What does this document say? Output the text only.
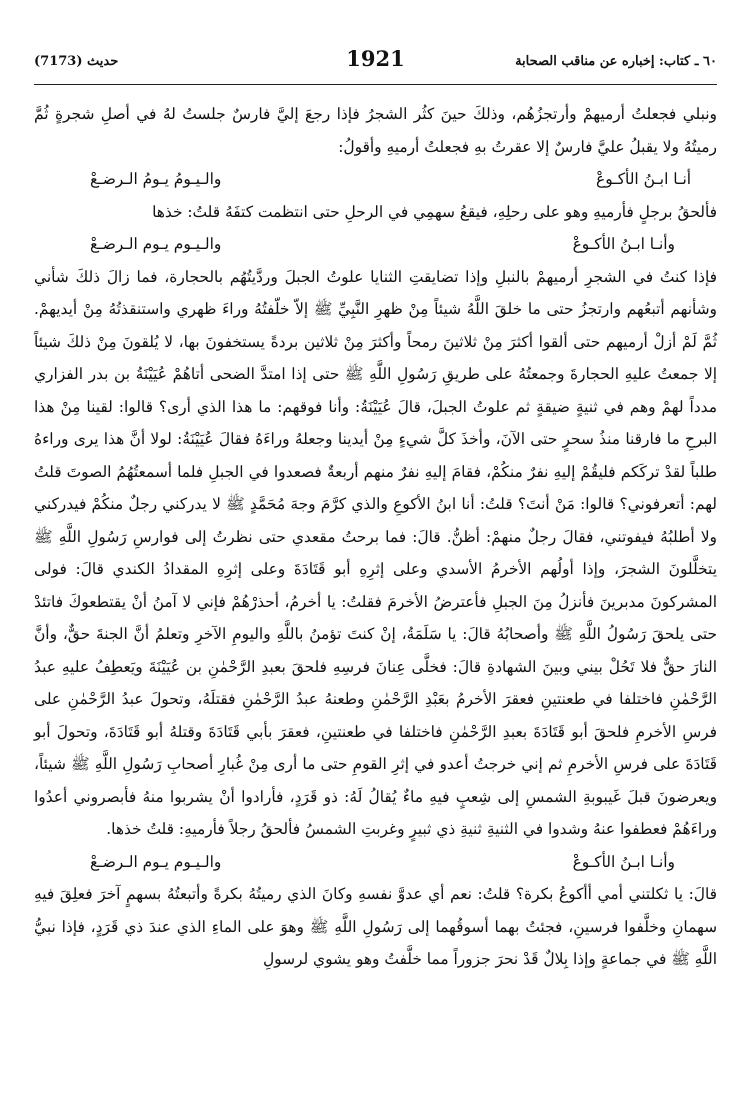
٦٠ ـ كتاب: إخباره عن مناقب الصحابة
1921
حديث (7173)

ونبلي فجعلتُ أرميهمْ وأرتجزُهُم، وذلكَ حينَ كثُر الشجرُ فإذا رجعَ إليَّ فارسٌ جلستُ لهُ في أصلِ شجرةٍ ثُمَّ رميتُهُ ولا يقبلُ عليَّ فارسٌ إلا عقرتُ بهِ فجعلتُ أرميهِ وأقولُ:

أنـا ابـنُ الأكـوعْ
والـيـومُ يـومُ الـرضـعْ

فألحقُ برجلٍ فأرميهِ وهو على رحلِهِ، فيقعُ سهمِي في الرحلِ حتى انتظمت كتفَهُ قلتُ: خذها

وأنـا ابـنُ الأكـوعْ
والـيـوم يـوم الـرضـعْ

فإذا كنتُ في الشجرِ أرميهمْ بالنبلِ وإذا تضايقتِ الثنايا علوتُ الجبلَ وردَّيتُهُم بالحجارة، فما زالَ ذلكَ شأني وشأنهم أتبعُهم وارتجزُ حتى ما خلقَ اللَّهُ شيئاً مِنْ ظهرِ النَّبِيِّ ﷺ إلاّ خلّفتُهُ وراءَ ظهري واستنقذتُهُ مِنْ أيديهمْ. ثُمَّ لَمْ أزلْ أرميهم حتى ألقوا أكثرَ مِنْ ثلاثينَ رمحاً وأكثرَ مِنْ ثلاثين بردةً يستخفونَ بها، لا يُلقونَ مِنْ ذلكَ شيئاً إلا جمعتُ عليهِ الحجارةَ وجمعتُهُ على طريقِ رَسُولِ اللَّهِ ﷺ حتى إذا امتدَّ الضحى أتاهُمْ عُيَيْنَةُ بن بدر الفزاري مدداً لهمْ وهم في ثنيةٍ ضيقةٍ ثم علوتُ الجبلَ، قالَ عُيَيْنَةُ: وأنا فوقهم: ما هذا الذي أرى؟ قالوا: لقينا مِنْ هذا البرحِ ما فارقنا منذُ سحرٍ حتى الآنَ، وأخذَ كلَّ شيءٍ مِنْ أيدينا وجعلهُ وراءَهُ فقالَ عُيَيْنَةُ: لولا أنَّ هذا يرى وراءهُ طلباً لقدْ تركَكم فليقُمْ إليهِ نفرٌ منكُمْ، فقامَ إليهِ نفرٌ منهم أربعةٌ فصعدوا في الجبلِ فلما أسمعتُهُمُ الصوتَ قلتُ لهم: أتعرفوني؟ قالوا: مَنْ أنتَ؟ قلتُ: أنا ابنُ الأكوعِ والذي كرَّمَ وجهَ مُحَمَّدٍ ﷺ لا يدركني رجلٌ منكُمْ فيدركني ولا أطلبُهُ فيفوتني، فقالَ رجلٌ منهمْ: أظنُّ. قالَ: فما برحتُ مقعدي حتى نظرتُ إلى فوارسِ رَسُولِ اللَّهِ ﷺ يتخلَّلونَ الشجرَ، وإذا أولُهم الأخرمُ الأسدي وعلى إثرِهِ أبو قَتَادَةَ وعلى إثرِهِ المقدادُ الكندي قالَ: فولى المشركونَ مدبرينَ فأنزلُ مِنَ الجبلِ فأعترضُ الأخرمَ فقلتُ: يا أخرمُ، أحذرْهُمْ فإني لا آمنُ أنْ يقتطعوكَ فاتئدْ حتى يلحقَ رَسُولُ اللَّهِ ﷺ وأصحابُهُ قالَ: يا سَلَمَةُ، إنْ كنتَ تؤمنُ باللَّهِ واليومِ الآخرِ وتعلمُ أنَّ الجنةَ حقٌّ، وأنَّ النارَ حقٌّ فلا تَحُلْ بيني وبينَ الشهادةِ قالَ: فخلَّى عِنانَ فرسِهِ فلحقَ بعبدِ الرَّحْمٰنِ بن عُيَيْنَةَ ويَعطِفُ عليهِ عبدُ الرَّحْمٰنِ فاختلفا في طعنتينِ فعقرَ الأخرمُ بعَبْدِ الرَّحْمٰنِ وطعنهُ عبدُ الرَّحْمٰنِ فقتلَهُ، وتحولَ عبدُ الرَّحْمٰنِ على فرسِ الأخرمِ فلحقَ أبو قَتَادَةَ بعبدِ الرَّحْمٰنِ فاختلفا في طعنتينِ، فعقرَ بأبي قَتَادَةَ وقتلهُ أبو قَتَادَةَ، وتحولَ أبو قَتَادَةَ على فرسِ الأخرمِ ثم إني خرجتُ أعدو في إثرِ القومِ حتى ما أرى مِنْ غُبارِ أصحابِ رَسُولِ اللَّهِ ﷺ شيئاً، ويعرضونَ قبلَ غَيبوبةِ الشمسِ إلى شِعبٍ فيهِ ماءٌ يُقالُ لَهُ: ذو قَرَدٍ، فأرادوا أنْ يشربوا منهُ فأبصروني أعدُوا وراءَهُمْ فعطفوا عنهُ وشدوا في الثنيةِ ثنيةِ ذي ثبيرٍ وغربتِ الشمسُ فألحقُ رجلاً فأرميهِ: قلتُ خذها.

وأنـا ابـنُ الأكـوعْ
والـيـوم يـوم الـرضـعْ

قالَ: يا ثكلتني أمي أأكوعُ بكرة؟ قلتُ: نعم أي عدوَّ نفسهِ وكانَ الذي رميتُهُ بكرةً وأتبعتُهُ بسهمٍ آخرَ فعلِقَ فيهِ سهمانِ وخلَّفوا فرسينِ، فجئتُ بهما أسوقُهما إلى رَسُولِ اللَّهِ ﷺ وهوَ على الماءِ الذي عندَ ذي قَرَدٍ، فإذا نبيُّ اللَّهِ ﷺ في جماعةٍ وإذا بِلالٌ قَدْ نحرَ جزوراً مما خلَّفتُ وهو يشوي لرسولِ
